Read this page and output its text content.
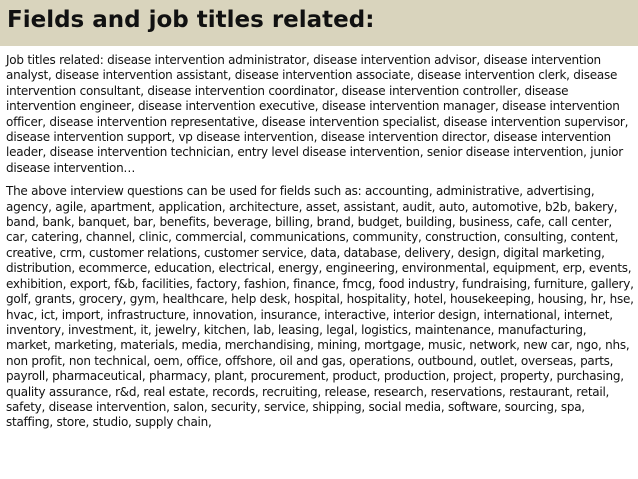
Fields and job titles related:

Job titles related: disease intervention administrator, disease intervention advisor, disease intervention analyst, disease intervention assistant, disease intervention associate, disease intervention clerk, disease intervention consultant, disease intervention coordinator, disease intervention controller, disease intervention engineer, disease intervention executive, disease intervention manager, disease intervention officer, disease intervention representative, disease intervention specialist, disease intervention supervisor, disease intervention support, vp disease intervention, disease intervention director, disease intervention leader, disease intervention technician, entry level disease intervention, senior disease intervention, junior disease intervention…

The above interview questions can be used for fields such as: accounting, administrative, advertising, agency, agile, apartment, application, architecture, asset, assistant, audit, auto, automotive, b2b, bakery, band, bank, banquet, bar, benefits, beverage, billing, brand, budget, building, business, cafe, call center, car, catering, channel, clinic, commercial, communications, community, construction, consulting, content, creative, crm, customer relations, customer service, data, database, delivery, design, digital marketing, distribution, ecommerce, education, electrical, energy, engineering, environmental, equipment, erp, events, exhibition, export, f&b, facilities, factory, fashion, finance, fmcg, food industry, fundraising, furniture, gallery, golf, grants, grocery, gym, healthcare, help desk, hospital, hospitality, hotel, housekeeping, housing, hr, hse, hvac, ict, import, infrastructure, innovation, insurance, interactive, interior design, international, internet, inventory, investment, it, jewelry, kitchen, lab, leasing, legal, logistics, maintenance, manufacturing, market, marketing, materials, media, merchandising, mining, mortgage, music, network, new car, ngo, nhs, non profit, non technical, oem, office, offshore, oil and gas, operations, outbound, outlet, overseas, parts, payroll, pharmaceutical, pharmacy, plant, procurement, product, production, project, property, purchasing, quality assurance, r&d, real estate, records, recruiting, release, research, reservations, restaurant, retail, safety, disease intervention, salon, security, service, shipping, social media, software, sourcing, spa, staffing, store, studio, supply chain,
